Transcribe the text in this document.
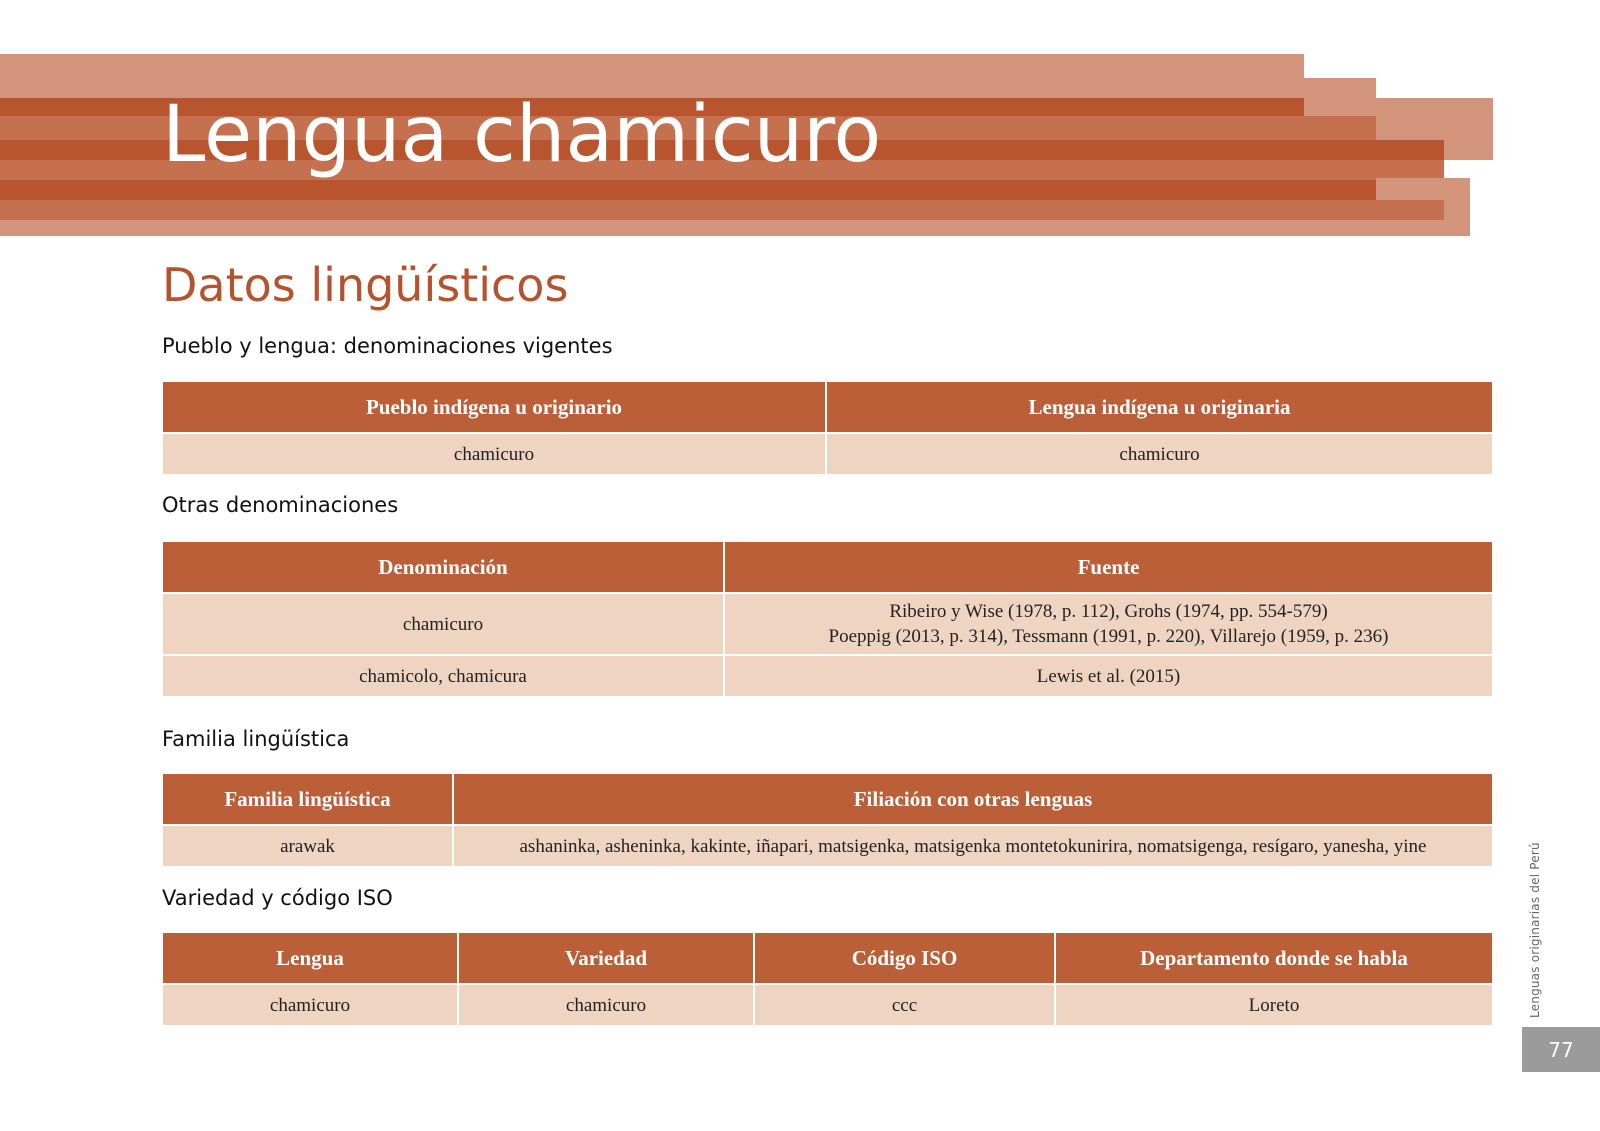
Lengua chamicuro
Datos lingüísticos
Pueblo y lengua: denominaciones vigentes
Pueblo indígena u originario	Lengua indígena u originaria
chamicuro	chamicuro
Otras denominaciones
Denominación	Fuente
chamicuro	Ribeiro y Wise (1978, p. 112), Grohs (1974, pp. 554-579)
Poeppig (2013, p. 314), Tessmann (1991, p. 220), Villarejo (1959, p. 236)

chamicolo, chamicura	Lewis et al. (2015)
Familia lingüística
Familia lingüística	Filiación con otras lenguas
arawak	ashaninka, asheninka, kakinte, iñapari, matsigenka, matsigenka montetokunirira, nomatsigenga, resígaro, yanesha, yine
Variedad y código ISO
Lengua	Variedad	Código ISO	Departamento donde se habla
chamicuro	chamicuro	ccc	Loreto	Lenguas originarias del Perú
77
